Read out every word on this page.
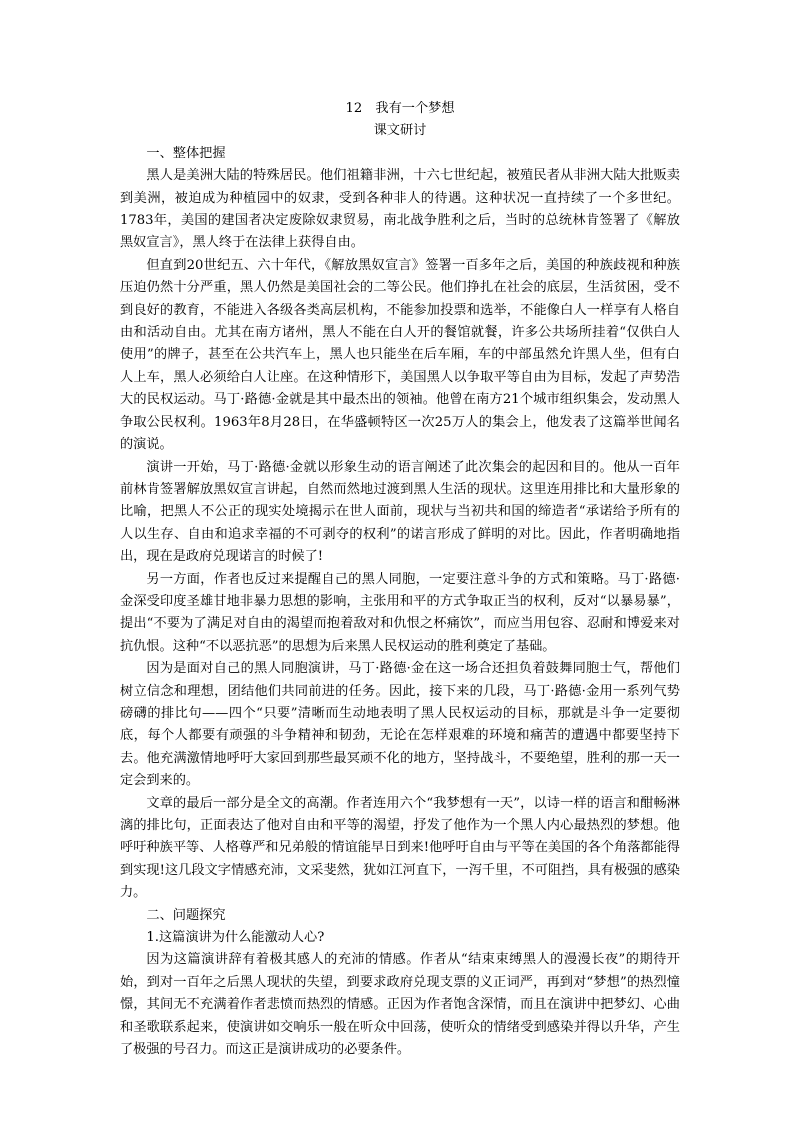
12　我有一个梦想

课文研讨

一、整体把握

黑人是美洲大陆的特殊居民。他们祖籍非洲，十六七世纪起，被殖民者从非洲大陆大批贩卖到美洲，被迫成为种植园中的奴隶，受到各种非人的待遇。这种状况一直持续了一个多世纪。1783年，美国的建国者决定废除奴隶贸易，南北战争胜利之后，当时的总统林肯签署了《解放黑奴宣言》，黑人终于在法律上获得自由。

但直到20世纪五、六十年代，《解放黑奴宣言》签署一百多年之后，美国的种族歧视和种族压迫仍然十分严重，黑人仍然是美国社会的二等公民。他们挣扎在社会的底层，生活贫困，受不到良好的教育，不能进入各级各类高层机构，不能参加投票和选举，不能像白人一样享有人格自由和活动自由。尤其在南方诸州，黑人不能在白人开的餐馆就餐，许多公共场所挂着“仅供白人使用”的牌子，甚至在公共汽车上，黑人也只能坐在后车厢，车的中部虽然允许黑人坐，但有白人上车，黑人必须给白人让座。在这种情形下，美国黑人以争取平等自由为目标，发起了声势浩大的民权运动。马丁·路德·金就是其中最杰出的领袖。他曾在南方21个城市组织集会，发动黑人争取公民权利。1963年8月28日，在华盛顿特区一次25万人的集会上，他发表了这篇举世闻名的演说。

演讲一开始，马丁·路德·金就以形象生动的语言阐述了此次集会的起因和目的。他从一百年前林肯签署解放黑奴宣言讲起，自然而然地过渡到黑人生活的现状。这里连用排比和大量形象的比喻，把黑人不公正的现实处境揭示在世人面前，现状与当初共和国的缔造者“承诺给予所有的人以生存、自由和追求幸福的不可剥夺的权利”的诺言形成了鲜明的对比。因此，作者明确地指出，现在是政府兑现诺言的时候了!

另一方面，作者也反过来提醒自己的黑人同胞，一定要注意斗争的方式和策略。马丁·路德·金深受印度圣雄甘地非暴力思想的影响，主张用和平的方式争取正当的权利，反对“以暴易暴”，提出“不要为了满足对自由的渴望而抱着敌对和仇恨之杯痛饮”，而应当用包容、忍耐和博爱来对抗仇恨。这种“不以恶抗恶”的思想为后来黑人民权运动的胜利奠定了基础。

因为是面对自己的黑人同胞演讲，马丁·路德·金在这一场合还担负着鼓舞同胞士气，帮他们树立信念和理想，团结他们共同前进的任务。因此，接下来的几段，马丁·路德·金用一系列气势磅礴的排比句——四个“只要”清晰而生动地表明了黑人民权运动的目标，那就是斗争一定要彻底，每个人都要有顽强的斗争精神和韧劲，无论在怎样艰难的环境和痛苦的遭遇中都要坚持下去。他充满激情地呼吁大家回到那些最冥顽不化的地方，坚持战斗，不要绝望，胜利的那一天一定会到来的。

文章的最后一部分是全文的高潮。作者连用六个“我梦想有一天”，以诗一样的语言和酣畅淋漓的排比句，正面表达了他对自由和平等的渴望，抒发了他作为一个黑人内心最热烈的梦想。他呼吁种族平等、人格尊严和兄弟般的情谊能早日到来!他呼吁自由与平等在美国的各个角落都能得到实现!这几段文字情感充沛，文采斐然，犹如江河直下，一泻千里，不可阻挡，具有极强的感染力。

二、问题探究

1.这篇演讲为什么能激动人心?

因为这篇演讲辞有着极其感人的充沛的情感。作者从“结束束缚黑人的漫漫长夜”的期待开始，到对一百年之后黑人现状的失望，到要求政府兑现支票的义正词严，再到对“梦想”的热烈憧憬，其间无不充满着作者悲愤而热烈的情感。正因为作者饱含深情，而且在演讲中把梦幻、心曲和圣歌联系起来，使演讲如交响乐一般在听众中回荡，使听众的情绪受到感染并得以升华，产生了极强的号召力。而这正是演讲成功的必要条件。
